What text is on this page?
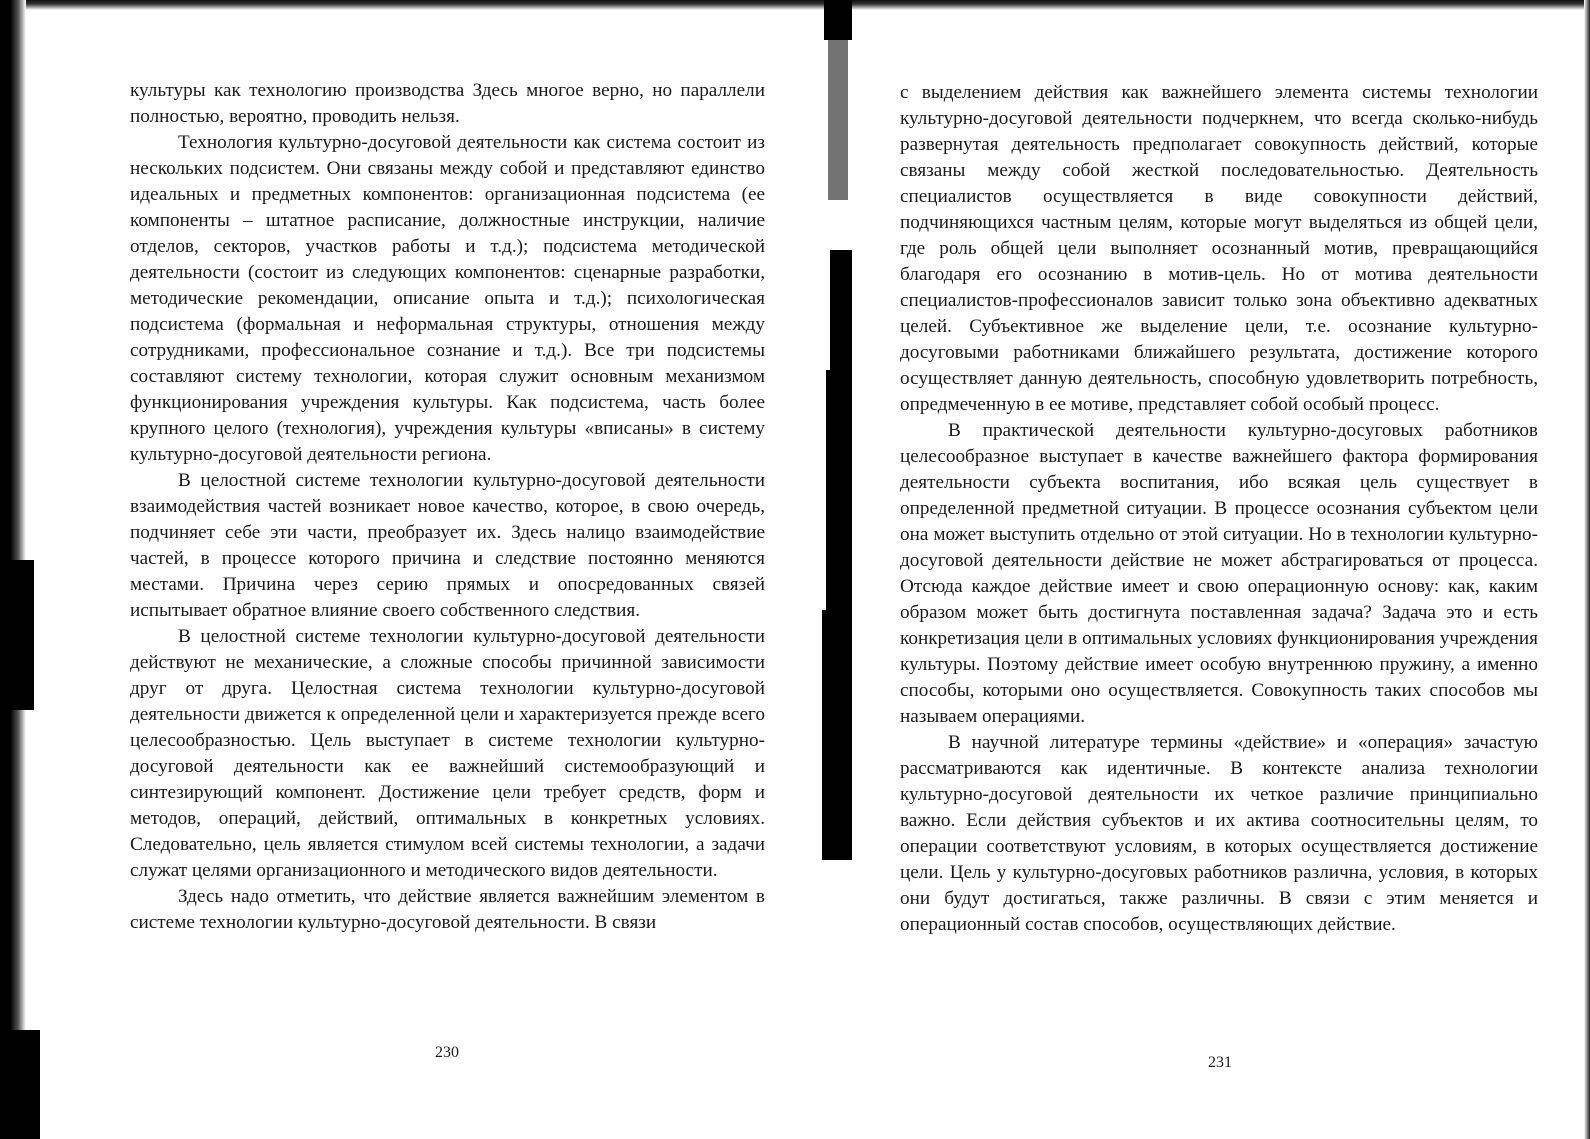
культуры как технологию производства Здесь многое верно, но параллели полностью, вероятно, проводить нельзя.

Технология культурно-досуговой деятельности как система состоит из нескольких подсистем. Они связаны между собой и представляют единство идеальных и предметных компонентов: организационная подсистема (ее компоненты – штатное расписание, должностные инструкции, наличие отделов, секторов, участков работы и т.д.); подсистема методической деятельности (состоит из следующих компонентов: сценарные разработки, методические рекомендации, описание опыта и т.д.); психологическая подсистема (формальная и неформальная структуры, отношения между сотрудниками, профессиональное сознание и т.д.). Все три подсистемы составляют систему технологии, которая служит основным механизмом функционирования учреждения культуры. Как подсистема, часть более крупного целого (технология), учреждения культуры «вписаны» в систему культурно-досуговой деятельности региона.

В целостной системе технологии культурно-досуговой деятельности взаимодействия частей возникает новое качество, которое, в свою очередь, подчиняет себе эти части, преобразует их. Здесь налицо взаимодействие частей, в процессе которого причина и следствие постоянно меняются местами. Причина через серию прямых и опосредованных связей испытывает обратное влияние своего собственного следствия.

В целостной системе технологии культурно-досуговой деятельности действуют не механические, а сложные способы причинной зависимости друг от друга. Целостная система технологии культурно-досуговой деятельности движется к определенной цели и характеризуется прежде всего целесообразностью. Цель выступает в системе технологии культурно-досуговой деятельности как ее важнейший системообразующий и синтезирующий компонент. Достижение цели требует средств, форм и методов, операций, действий, оптимальных в конкретных условиях. Следовательно, цель является стимулом всей системы технологии, а задачи служат целями организационного и методического видов деятельности.

Здесь надо отметить, что действие является важнейшим элементом в системе технологии культурно-досуговой деятельности. В связи

230

с выделением действия как важнейшего элемента системы технологии культурно-досуговой деятельности подчеркнем, что всегда сколько-нибудь развернутая деятельность предполагает совокупность действий, которые связаны между собой жесткой последовательностью. Деятельность специалистов осуществляется в виде совокупности действий, подчиняющихся частным целям, которые могут выделяться из общей цели, где роль общей цели выполняет осознанный мотив, превращающийся благодаря его осознанию в мотив-цель. Но от мотива деятельности специалистов-профессионалов зависит только зона объективно адекватных целей. Субъективное же выделение цели, т.е. осознание культурно-досуговыми работниками ближайшего результата, достижение которого осуществляет данную деятельность, способную удовлетворить потребность, опредмеченную в ее мотиве, представляет собой особый процесс.

В практической деятельности культурно-досуговых работников целесообразное выступает в качестве важнейшего фактора формирования деятельности субъекта воспитания, ибо всякая цель существует в определенной предметной ситуации. В процессе осознания субъектом цели она может выступить отдельно от этой ситуации. Но в технологии культурно-досуговой деятельности действие не может абстрагироваться от процесса. Отсюда каждое действие имеет и свою операционную основу: как, каким образом может быть достигнута поставленная задача? Задача это и есть конкретизация цели в оптимальных условиях функционирования учреждения культуры. Поэтому действие имеет особую внутреннюю пружину, а именно способы, которыми оно осуществляется. Совокупность таких способов мы называем операциями.

В научной литературе термины «действие» и «операция» зачастую рассматриваются как идентичные. В контексте анализа технологии культурно-досуговой деятельности их четкое различие принципиально важно. Если действия субъектов и их актива соотносительны целям, то операции соответствуют условиям, в которых осуществляется достижение цели. Цель у культурно-досуговых работников различна, условия, в которых они будут достигаться, также различны. В связи с этим меняется и операционный состав способов, осуществляющих действие.

231
